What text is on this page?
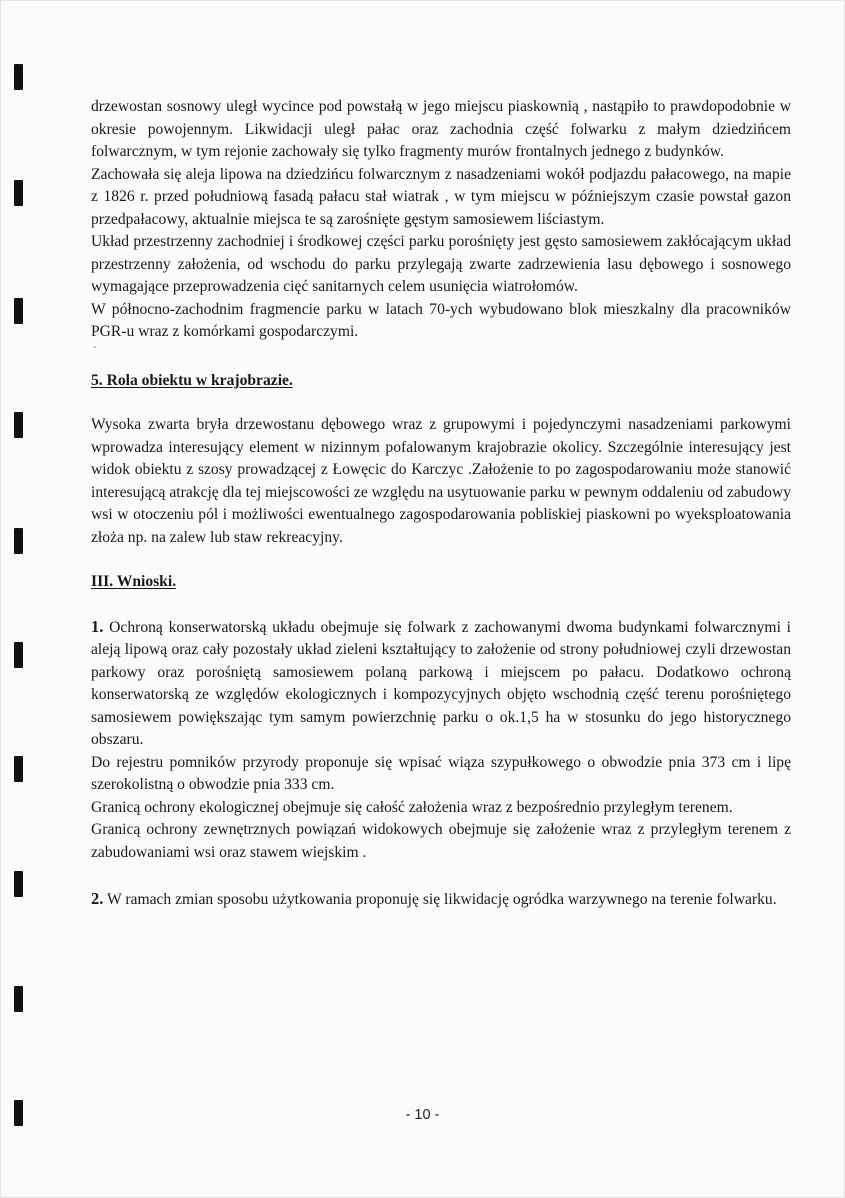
drzewostan sosnowy uległ wycince pod powstałą w jego miejscu piaskownią , nastąpiło to prawdopodobnie w okresie powojennym. Likwidacji uległ pałac oraz zachodnia część folwarku z małym dziedzińcem folwarcznym, w tym rejonie zachowały się tylko fragmenty murów frontalnych jednego z budynków.

Zachowała się aleja lipowa na dziedzińcu folwarcznym z nasadzeniami wokół podjazdu pałacowego, na mapie z 1826 r. przed południową fasadą pałacu stał wiatrak , w tym miejscu w późniejszym czasie powstał gazon przedpałacowy, aktualnie miejsca te są zarośnięte gęstym samosiewem liściastym.

Układ przestrzenny zachodniej i środkowej części parku porośnięty jest gęsto samosiewem zakłócającym układ przestrzenny założenia, od wschodu do parku przylegają zwarte zadrzewienia lasu dębowego i sosnowego wymagające przeprowadzenia cięć sanitarnych celem usunięcia wiatrołomów.

W północno-zachodnim fragmencie parku w latach 70-ych wybudowano blok mieszkalny dla pracowników PGR-u wraz z komórkami gospodarczymi.

`

5. Rola obiektu w krajobrazie.

Wysoka zwarta bryła drzewostanu dębowego wraz z grupowymi i pojedynczymi nasadzeniami parkowymi wprowadza interesujący element w nizinnym pofalowanym krajobrazie okolicy. Szczególnie interesujący jest widok obiektu z szosy prowadzącej z Łowęcic do Karczyc .Założenie to po zagospodarowaniu może stanowić interesującą atrakcję dla tej miejscowości ze względu na usytuowanie parku w pewnym oddaleniu od zabudowy wsi w otoczeniu pól i możliwości ewentualnego zagospodarowania pobliskiej piaskowni po wyeksploatowania złoża np. na zalew lub staw rekreacyjny.

III. Wnioski.

1. Ochroną konserwatorską układu obejmuje się folwark z zachowanymi dwoma budynkami folwarcznymi i aleją lipową oraz cały pozostały układ zieleni kształtujący to założenie od strony południowej czyli drzewostan parkowy oraz porośniętą samosiewem polaną parkową i miejscem po pałacu. Dodatkowo ochroną konserwatorską ze względów ekologicznych i kompozycyjnych objęto wschodnią część terenu porośniętego samosiewem powiększając tym samym powierzchnię parku o ok.1,5 ha w stosunku do jego historycznego obszaru.

Do rejestru pomników przyrody proponuje się wpisać wiąza szypułkowego o obwodzie pnia 373 cm i lipę szerokolistną o obwodzie pnia 333 cm.

Granicą ochrony ekologicznej obejmuje się całość założenia wraz z bezpośrednio przyległym terenem.

Granicą ochrony zewnętrznych powiązań widokowych obejmuje się założenie wraz z przyległym terenem z zabudowaniami wsi oraz stawem wiejskim .

2. W ramach zmian sposobu użytkowania proponuję się likwidację ogródka warzywnego na terenie folwarku.

- 10 -
